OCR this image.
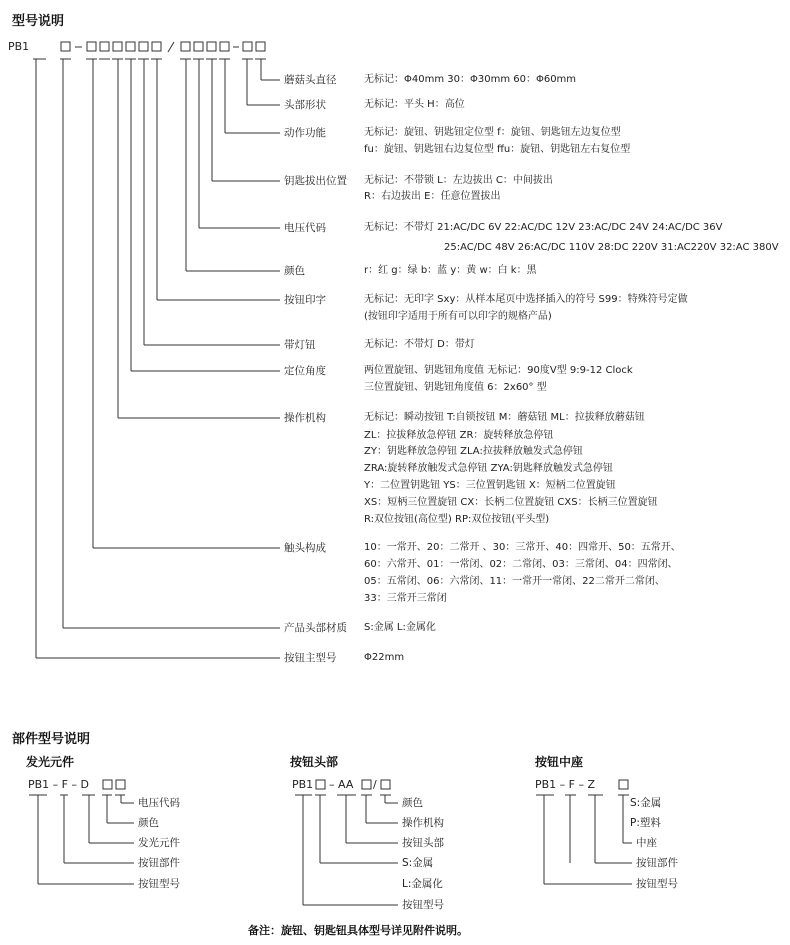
型号说明
PB1
蘑菇头直径	无标记：Φ40mm 30：Φ30mm 60：Φ60mm
头部形状	无标记：平头 H：高位
动作功能	无标记：旋钮、钥匙钮定位型 f：旋钮、钥匙钮左边复位型
fu：旋钮、钥匙钮右边复位型 ffu：旋钮、钥匙钮左右复位型
钥匙拔出位置 无标记：不带锁 L：左边拔出 C：中间拔出
R：右边拔出 E：任意位置拔出
电压代码	无标记：不带灯 21:AC/DC 6V 22:AC/DC 12V 23:AC/DC 24V 24:AC/DC 36V
25:AC/DC 48V 26:AC/DC 110V 28:DC 220V 31:AC220V 32:AC 380V
颜色	r：红 g：绿 b：蓝 y：黄 w：白 k：黑
按钮印字	无标记：无印字 Sxy：从样本尾页中选择插入的符号 S99：特殊符号定做
(按钮印字适用于所有可以印字的规格产品)
带灯钮	无标记：不带灯 D：带灯
定位角度	两位置旋钮、钥匙钮角度值 无标记：90度V型 9:9-12 Clock
三位置旋钮、钥匙钮角度值 6：2x60° 型
操作机构	无标记：瞬动按钮 T:自锁按钮 M：蘑菇钮 ML：拉拔释放蘑菇钮
ZL：拉拔释放急停钮 ZR：旋转释放急停钮
ZY：钥匙释放急停钮 ZLA:拉拔释放触发式急停钮
ZRA:旋转释放触发式急停钮 ZYA:钥匙释放触发式急停钮
Y：二位置钥匙钮 YS：三位置钥匙钮 X：短柄二位置旋钮
XS：短柄三位置旋钮 CX：长柄二位置旋钮 CXS：长柄三位置旋钮
R:双位按钮(高位型) RP:双位按钮(平头型)
触头构成	10：一常开、20：二常开 、30：三常开、40：四常开、50：五常开、
60：六常开、01：一常闭、02：二常闭、03：三常闭、04：四常闭、
05：五常闭、06：六常闭、11：一常开一常闭、22二常开二常闭、
33：三常开三常闭
产品头部材质 S:金属 L:金属化
按钮主型号	Φ22mm
部件型号说明
发光元件
PB1 – F – D
电压代码
颜色
发光元件
按钮部件
按钮型号
按钮头部
PB1 – AA /
颜色
操作机构
按钮头部
S:金属
L:金属化
按钮型号
按钮中座
PB1 – F – Z
S:金属
P:塑料
中座
按钮部件
按钮型号
备注：旋钮、钥匙钮具体型号详见附件说明。
